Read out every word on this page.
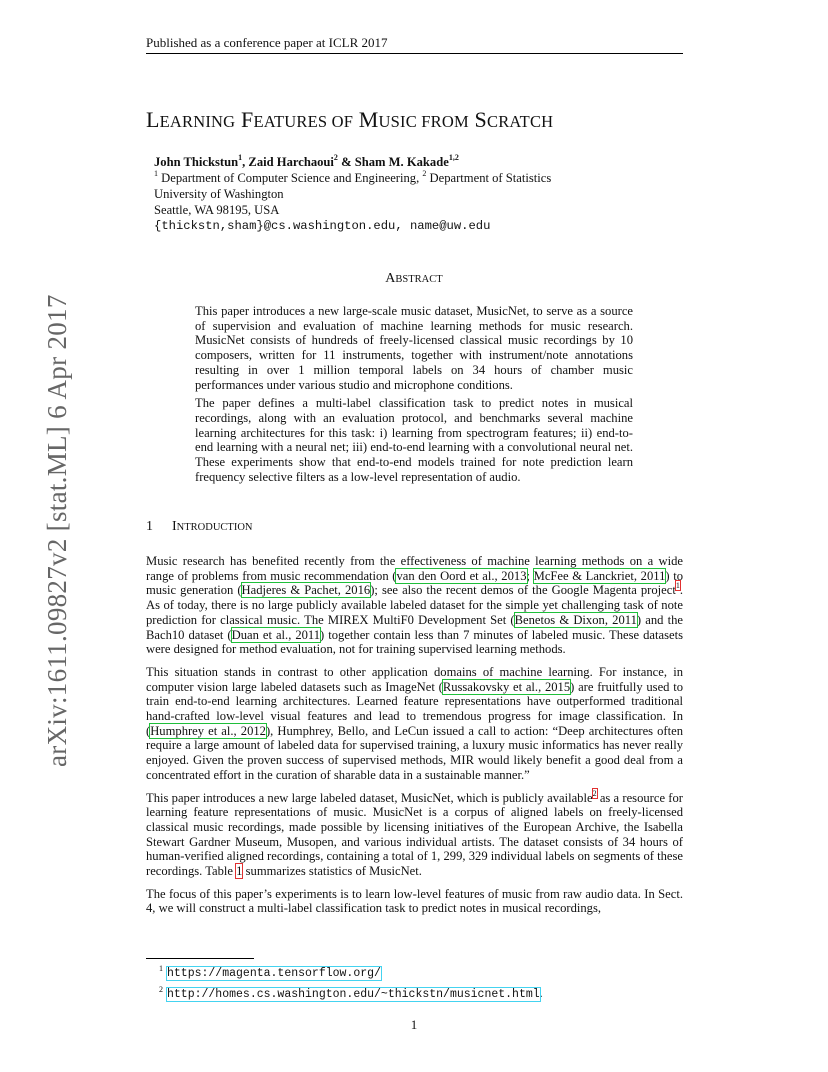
Published as a conference paper at ICLR 2017
LEARNING FEATURES OF MUSIC FROM SCRATCH
John Thickstun$^1$, Zaid Harchaoui$^2$ & Sham M. Kakade$^{1,2}$
$^1$ Department of Computer Science and Engineering, $^2$ Department of Statistics
University of Washington
Seattle, WA 98195, USA
{thickstn,sham}@cs.washington.edu, name@uw.edu
ABSTRACT

This paper introduces a new large-scale music dataset, MusicNet, to serve as a source of supervision and evaluation of machine learning methods for music research. MusicNet consists of hundreds of freely-licensed classical music recordings by 10 composers, written for 11 instruments, together with instrument/note annotations resulting in over 1 million temporal labels on 34 hours of chamber music performances under various studio and microphone conditions.

The paper defines a multi-label classification task to predict notes in musical recordings, along with an evaluation protocol, and benchmarks several machine learning architectures for this task: i) learning from spectrogram features; ii) end-to-end learning with a neural net; iii) end-to-end learning with a convolutional neural net. These experiments show that end-to-end models trained for note prediction learn frequency selective filters as a low-level representation of audio.

1 INTRODUCTION

Music research has benefited recently from the effectiveness of machine learning methods on a wide range of problems from music recommendation (van den Oord et al., 2013; McFee & Lanckriet, 2011) to music generation (Hadjeres & Pachet, 2016); see also the recent demos of the Google Magenta project$^1$. As of today, there is no large publicly available labeled dataset for the simple yet challenging task of note prediction for classical music. The MIREX MultiF0 Development Set (Benetos & Dixon, 2011) and the Bach10 dataset (Duan et al., 2011) together contain less than 7 minutes of labeled music. These datasets were designed for method evaluation, not for training supervised learning methods.

This situation stands in contrast to other application domains of machine learning. For instance, in computer vision large labeled datasets such as ImageNet (Russakovsky et al., 2015) are fruitfully used to train end-to-end learning architectures. Learned feature representations have outperformed traditional hand-crafted low-level visual features and lead to tremendous progress for image classification. In (Humphrey et al., 2012), Humphrey, Bello, and LeCun issued a call to action: “Deep architectures often require a large amount of labeled data for supervised training, a luxury music informatics has never really enjoyed. Given the proven success of supervised methods, MIR would likely benefit a good deal from a concentrated effort in the curation of sharable data in a sustainable manner.”

This paper introduces a new large labeled dataset, MusicNet, which is publicly available$^2$ as a resource for learning feature representations of music. MusicNet is a corpus of aligned labels on freely-licensed classical music recordings, made possible by licensing initiatives of the European Archive, the Isabella Stewart Gardner Museum, Musopen, and various individual artists. The dataset consists of 34 hours of human-verified aligned recordings, containing a total of 1, 299, 329 individual labels on segments of these recordings. Table 1 summarizes statistics of MusicNet.

The focus of this paper’s experiments is to learn low-level features of music from raw audio data. In Sect. 4, we will construct a multi-label classification task to predict notes in musical recordings,

$^1$ https://magenta.tensorflow.org/
$^2$ http://homes.cs.washington.edu/~thickstn/musicnet.html.
1
arXiv:1611.09827v2 [stat.ML] 6 Apr 2017
